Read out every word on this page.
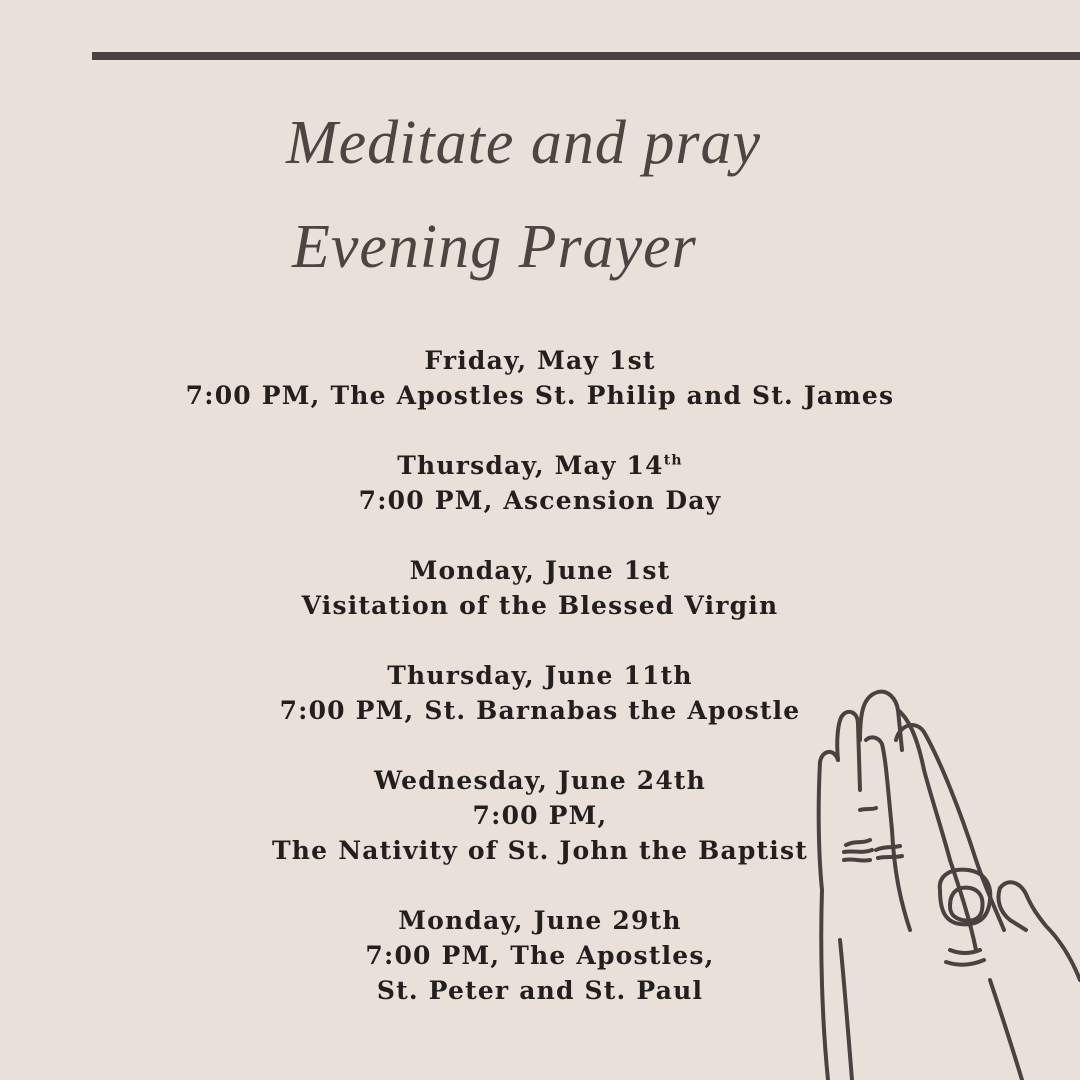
Meditate and pray
Evening Prayer
Friday, May 1st
7:00 PM, The Apostles St. Philip and St. James
Thursday, May 14th
7:00 PM, Ascension Day
Monday, June 1st
Visitation of the Blessed Virgin
Thursday, June 11th
7:00 PM, St. Barnabas the Apostle
Wednesday, June 24th
7:00 PM,
The Nativity of St. John the Baptist
Monday, June 29th
7:00 PM, The Apostles,
St. Peter and St. Paul
